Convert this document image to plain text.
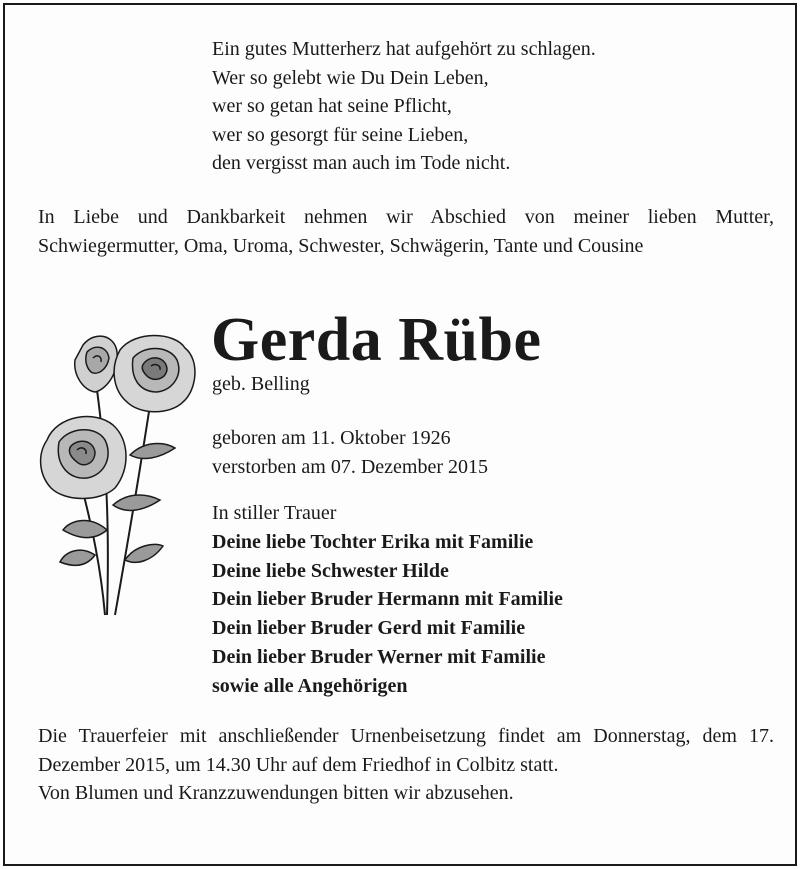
Ein gutes Mutterherz hat aufgehört zu schlagen.
Wer so gelebt wie Du Dein Leben,
wer so getan hat seine Pflicht,
wer so gesorgt für seine Lieben,
den vergisst man auch im Tode nicht.
In Liebe und Dankbarkeit nehmen wir Abschied von meiner lieben Mutter, Schwiegermutter, Oma, Uroma, Schwester, Schwägerin, Tante und Cousine
Gerda Rübe
geb. Belling
geboren am 11. Oktober 1926
verstorben am 07. Dezember 2015
In stiller Trauer
Deine liebe Tochter Erika mit Familie
Deine liebe Schwester Hilde
Dein lieber Bruder Hermann mit Familie
Dein lieber Bruder Gerd mit Familie
Dein lieber Bruder Werner mit Familie
sowie alle Angehörigen
Die Trauerfeier mit anschließender Urnenbeisetzung findet am Donnerstag, dem 17. Dezember 2015, um 14.30 Uhr auf dem Friedhof in Colbitz statt.
Von Blumen und Kranzzuwendungen bitten wir abzusehen.
